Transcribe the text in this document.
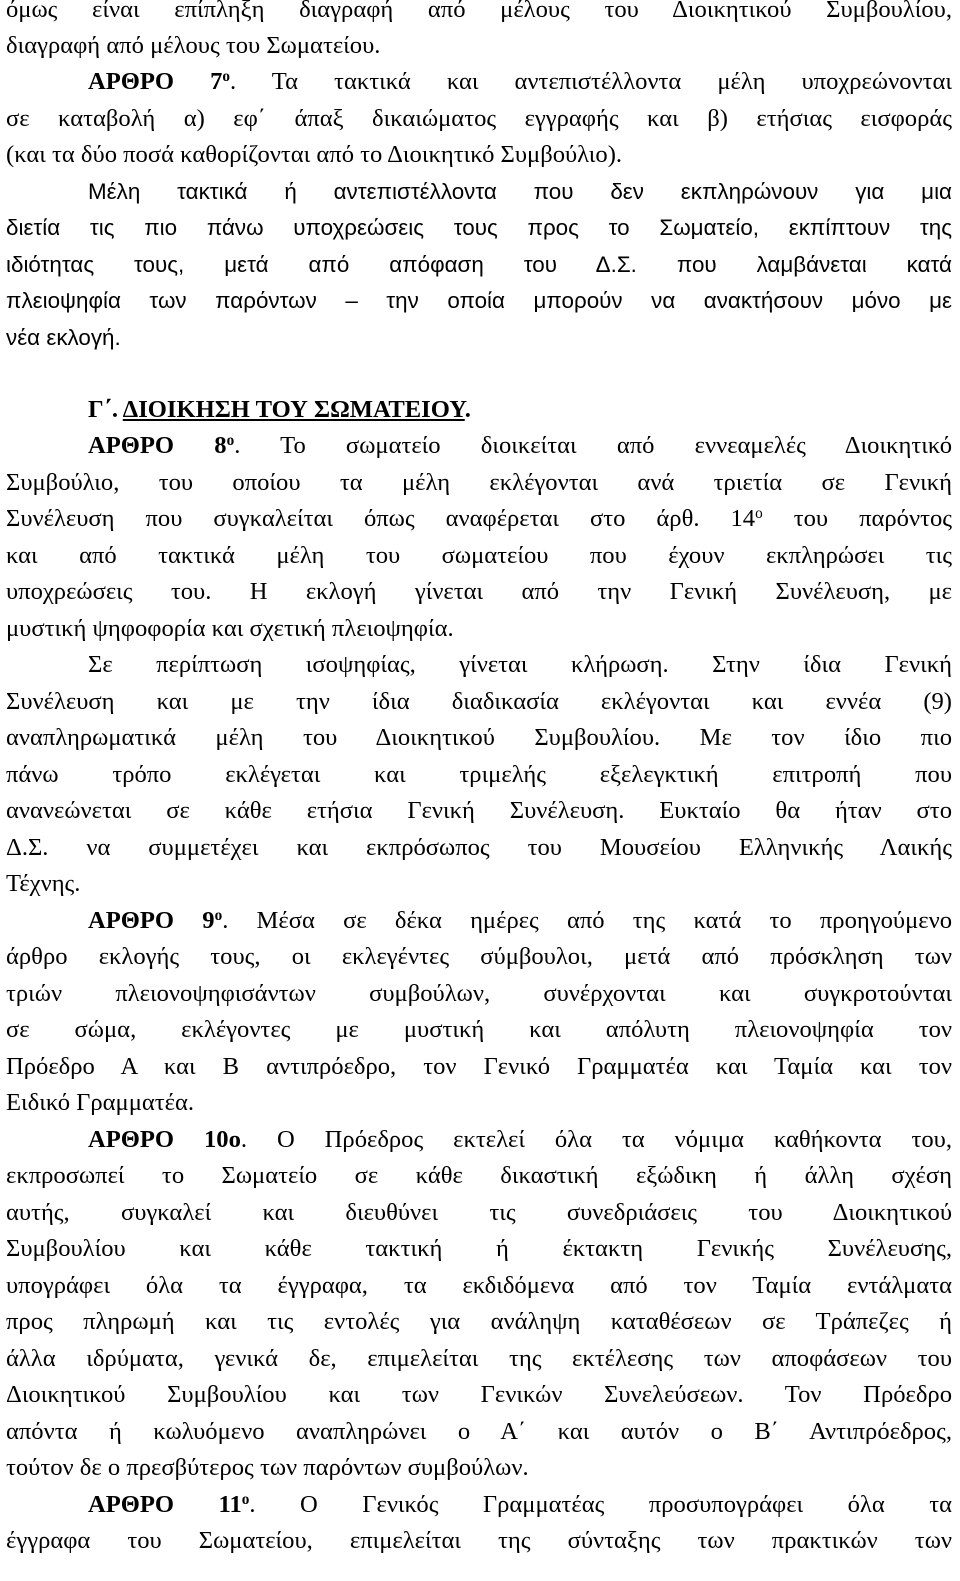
όμως είναι επίπληξη διαγραφή από μέλους του Διοικητικού Συμβουλίου,
διαγραφή από μέλους του Σωματείου.
ΑΡΘΡΟ $7^o$. Τα τακτικά και αντεπιστέλλοντα μέλη υποχρεώνονται
σε καταβολή α) εφ΄ άπαξ δικαιώματος εγγραφής και β) ετήσιας εισφοράς
(και τα δύο ποσά καθορίζονται από το Διοικητικό Συμβούλιο).
Μέλη τακτικά ή αντεπιστέλλοντα που δεν εκπληρώνουν για μια
διετία τις πιο πάνω υποχρεώσεις τους προς το Σωματείο, εκπίπτουν της
ιδιότητας τους, μετά από απόφαση του Δ.Σ. που λαμβάνεται κατά
πλειοψηφία των παρόντων – την οποία μπορούν να ανακτήσουν μόνο με
νέα εκλογή.
Γ΄. ΔΙΟΙΚΗΣΗ ΤΟΥ ΣΩΜΑΤΕΙΟΥ.
ΑΡΘΡΟ $8^o$. Το σωματείο διοικείται από εννεαμελές Διοικητικό
Συμβούλιο, του οποίου τα μέλη εκλέγονται ανά τριετία σε Γενική
Συνέλευση που συγκαλείται όπως αναφέρεται στο άρθ. $14^o$ του παρόντος
και από τακτικά μέλη του σωματείου που έχουν εκπληρώσει τις
υποχρεώσεις του. Η εκλογή γίνεται από την Γενική Συνέλευση, με
μυστική ψηφοφορία και σχετική πλειοψηφία.
Σε περίπτωση ισοψηφίας, γίνεται κλήρωση. Στην ίδια Γενική
Συνέλευση και με την ίδια διαδικασία εκλέγονται και εννέα (9)
αναπληρωματικά μέλη του Διοικητικού Συμβουλίου. Με τον ίδιο πιο
πάνω τρόπο εκλέγεται και τριμελής εξελεγκτική επιτροπή που
ανανεώνεται σε κάθε ετήσια Γενική Συνέλευση. Ευκταίο θα ήταν στο
Δ.Σ. να συμμετέχει και εκπρόσωπος του Μουσείου Ελληνικής Λαικής
Τέχνης.
ΑΡΘΡΟ $9^o$. Μέσα σε δέκα ημέρες από της κατά το προηγούμενο
άρθρο εκλογής τους, οι εκλεγέντες σύμβουλοι, μετά από πρόσκληση των
τριών πλειονοψηφισάντων συμβούλων, συνέρχονται και συγκροτούνται
σε σώμα, εκλέγοντες με μυστική και απόλυτη πλειονοψηφία τον
Πρόεδρο Α και Β αντιπρόεδρο, τον Γενικό Γραμματέα και Ταμία και τον
Ειδικό Γραμματέα.
ΑΡΘΡΟ 10ο. Ο Πρόεδρος εκτελεί όλα τα νόμιμα καθήκοντα του,
εκπροσωπεί το Σωματείο σε κάθε δικαστική εξώδικη ή άλλη σχέση
αυτής, συγκαλεί και διευθύνει τις συνεδριάσεις του Διοικητικού
Συμβουλίου και κάθε τακτική ή έκτακτη Γενικής Συνέλευσης,
υπογράφει όλα τα έγγραφα, τα εκδιδόμενα από τον Ταμία εντάλματα
προς πληρωμή και τις εντολές για ανάληψη καταθέσεων σε Τράπεζες ή
άλλα ιδρύματα, γενικά δε, επιμελείται της εκτέλεσης των αποφάσεων του
Διοικητικού Συμβουλίου και των Γενικών Συνελεύσεων. Τον Πρόεδρο
απόντα ή κωλυόμενο αναπληρώνει ο Α΄ και αυτόν ο Β΄ Αντιπρόεδρος,
τούτον δε ο πρεσβύτερος των παρόντων συμβούλων.
ΑΡΘΡΟ $11^o$. Ο Γενικός Γραμματέας προσυπογράφει όλα τα
έγγραφα του Σωματείου, επιμελείται της σύνταξης των πρακτικών των
